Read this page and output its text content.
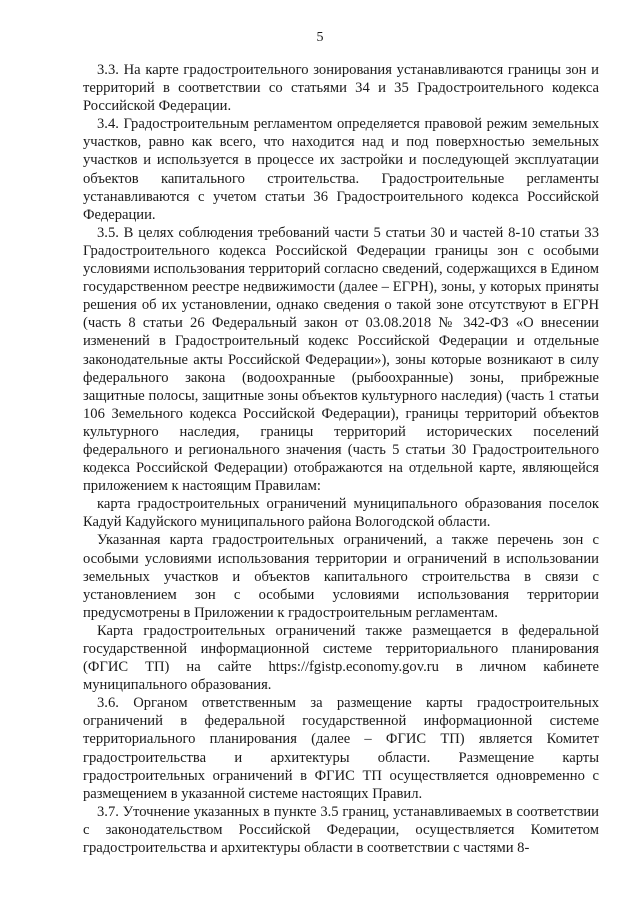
5

3.3. На карте градостроительного зонирования устанавливаются границы зон и территорий в соответствии со статьями 34 и 35 Градостроительного кодекса Российской Федерации.

3.4. Градостроительным регламентом определяется правовой режим земельных участков, равно как всего, что находится над и под поверхностью земельных участков и используется в процессе их застройки и последующей эксплуатации объектов капитального строительства. Градостроительные регламенты устанавливаются с учетом статьи 36 Градостроительного кодекса Российской Федерации.

3.5. В целях соблюдения требований части 5 статьи 30 и частей 8-10 статьи 33 Градостроительного кодекса Российской Федерации границы зон с особыми условиями использования территорий согласно сведений, содержащихся в Едином государственном реестре недвижимости (далее – ЕГРН), зоны, у которых приняты решения об их установлении, однако сведения о такой зоне отсутствуют в ЕГРН (часть 8 статьи 26 Федеральный закон от 03.08.2018 № 342-ФЗ «О внесении изменений в Градостроительный кодекс Российской Федерации и отдельные законодательные акты Российской Федерации»), зоны которые возникают в силу федерального закона (водоохранные (рыбоохранные) зоны, прибрежные защитные полосы, защитные зоны объектов культурного наследия) (часть 1 статьи 106 Земельного кодекса Российской Федерации), границы территорий объектов культурного наследия, границы территорий исторических поселений федерального и регионального значения (часть 5 статьи 30 Градостроительного кодекса Российской Федерации) отображаются на отдельной карте, являющейся приложением к настоящим Правилам:

карта градостроительных ограничений муниципального образования поселок Кадуй Кадуйского муниципального района Вологодской области.

Указанная карта градостроительных ограничений, а также перечень зон с особыми условиями использования территории и ограничений в использовании земельных участков и объектов капитального строительства в связи с установлением зон с особыми условиями использования территории предусмотрены в Приложении к градостроительным регламентам.

Карта градостроительных ограничений также размещается в федеральной государственной информационной системе территориального планирования (ФГИС ТП) на сайте https://fgistp.economy.gov.ru в личном кабинете муниципального образования.

3.6. Органом ответственным за размещение карты градостроительных ограничений в федеральной государственной информационной системе территориального планирования (далее – ФГИС ТП) является Комитет градостроительства и архитектуры области. Размещение карты градостроительных ограничений в ФГИС ТП осуществляется одновременно с размещением в указанной системе настоящих Правил.

3.7. Уточнение указанных в пункте 3.5 границ, устанавливаемых в соответствии с законодательством Российской Федерации, осуществляется Комитетом градостроительства и архитектуры области в соответствии с частями 8-
